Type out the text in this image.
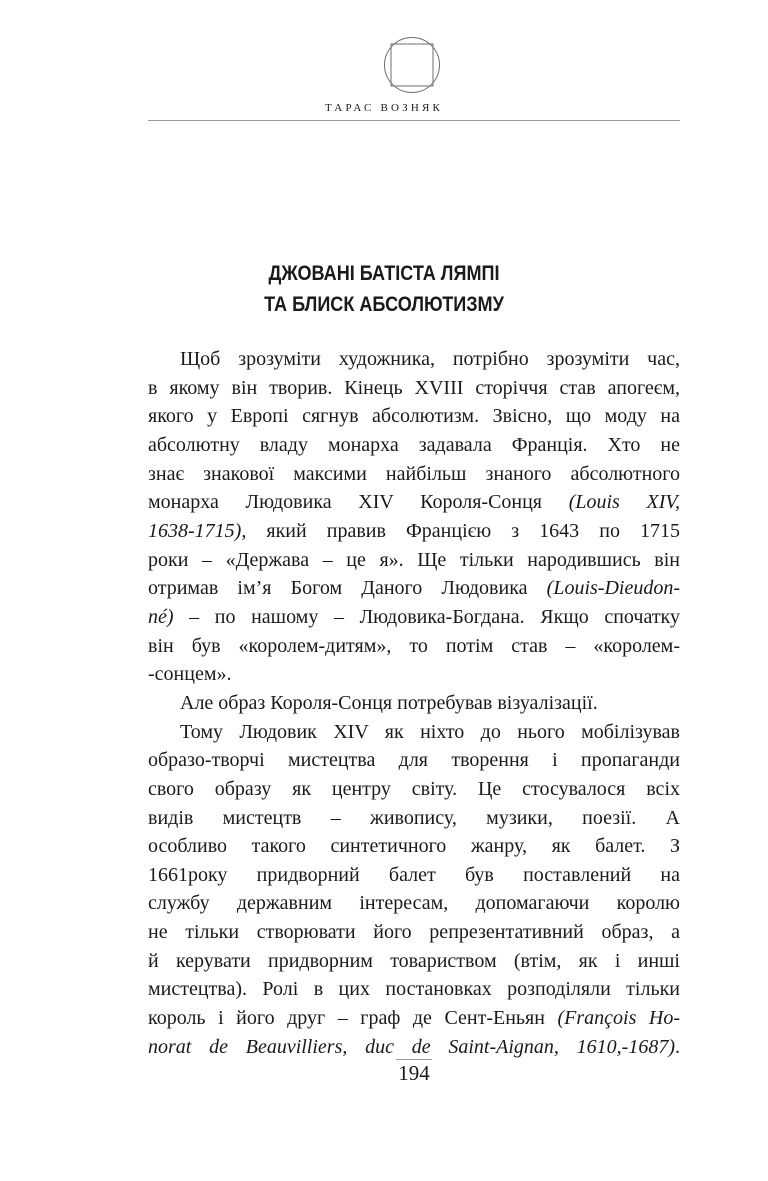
ТАРАС ВОЗНЯК
ДЖОВАНІ БАТІСТА ЛЯМПІ
ТА БЛИСК АБСОЛЮТИЗМУ
Щоб зрозуміти художника, потрібно зрозуміти час,
в якому він творив. Кінець XVIII сторіччя став апогеєм,
якого у Европі сягнув абсолютизм. Звісно, що моду на
абсолютну владу монарха задавала Франція. Хто не
знає знакової максими найбільш знаного абсолютного
монарха Людовика XIV Короля-Сонця (Louis XIV,
1638-1715), який правив Францією з 1643 по 1715
роки – «Держава – це я». Ще тільки народившись він
отримав ім’я Богом Даного Людовика (Louis-Dieudon-
né) – по нашому – Людовика-Богдана. Якщо спочатку
він був «королем-дитям», то потім став – «королем-
-сонцем».
Але образ Короля-Сонця потребував візуалізації.
Тому Людовик XIV як ніхто до нього мобілізував
образо-творчі мистецтва для творення і пропаганди
свого образу як центру світу. Це стосувалося всіх
видів мистецтв – живопису, музики, поезії. А
особливо такого синтетичного жанру, як балет. З
1661року придворний балет був поставлений на
службу державним інтересам, допомагаючи королю
не тільки створювати його репрезентативний образ, а
й керувати придворним товариством (втім, як і инші
мистецтва). Ролі в цих постановках розподіляли тільки
король і його друг – граф де Сент-Еньян (François Ho-
norat de Beauvilliers, duc de Saint-Aignan, 1610,-1687).
194
